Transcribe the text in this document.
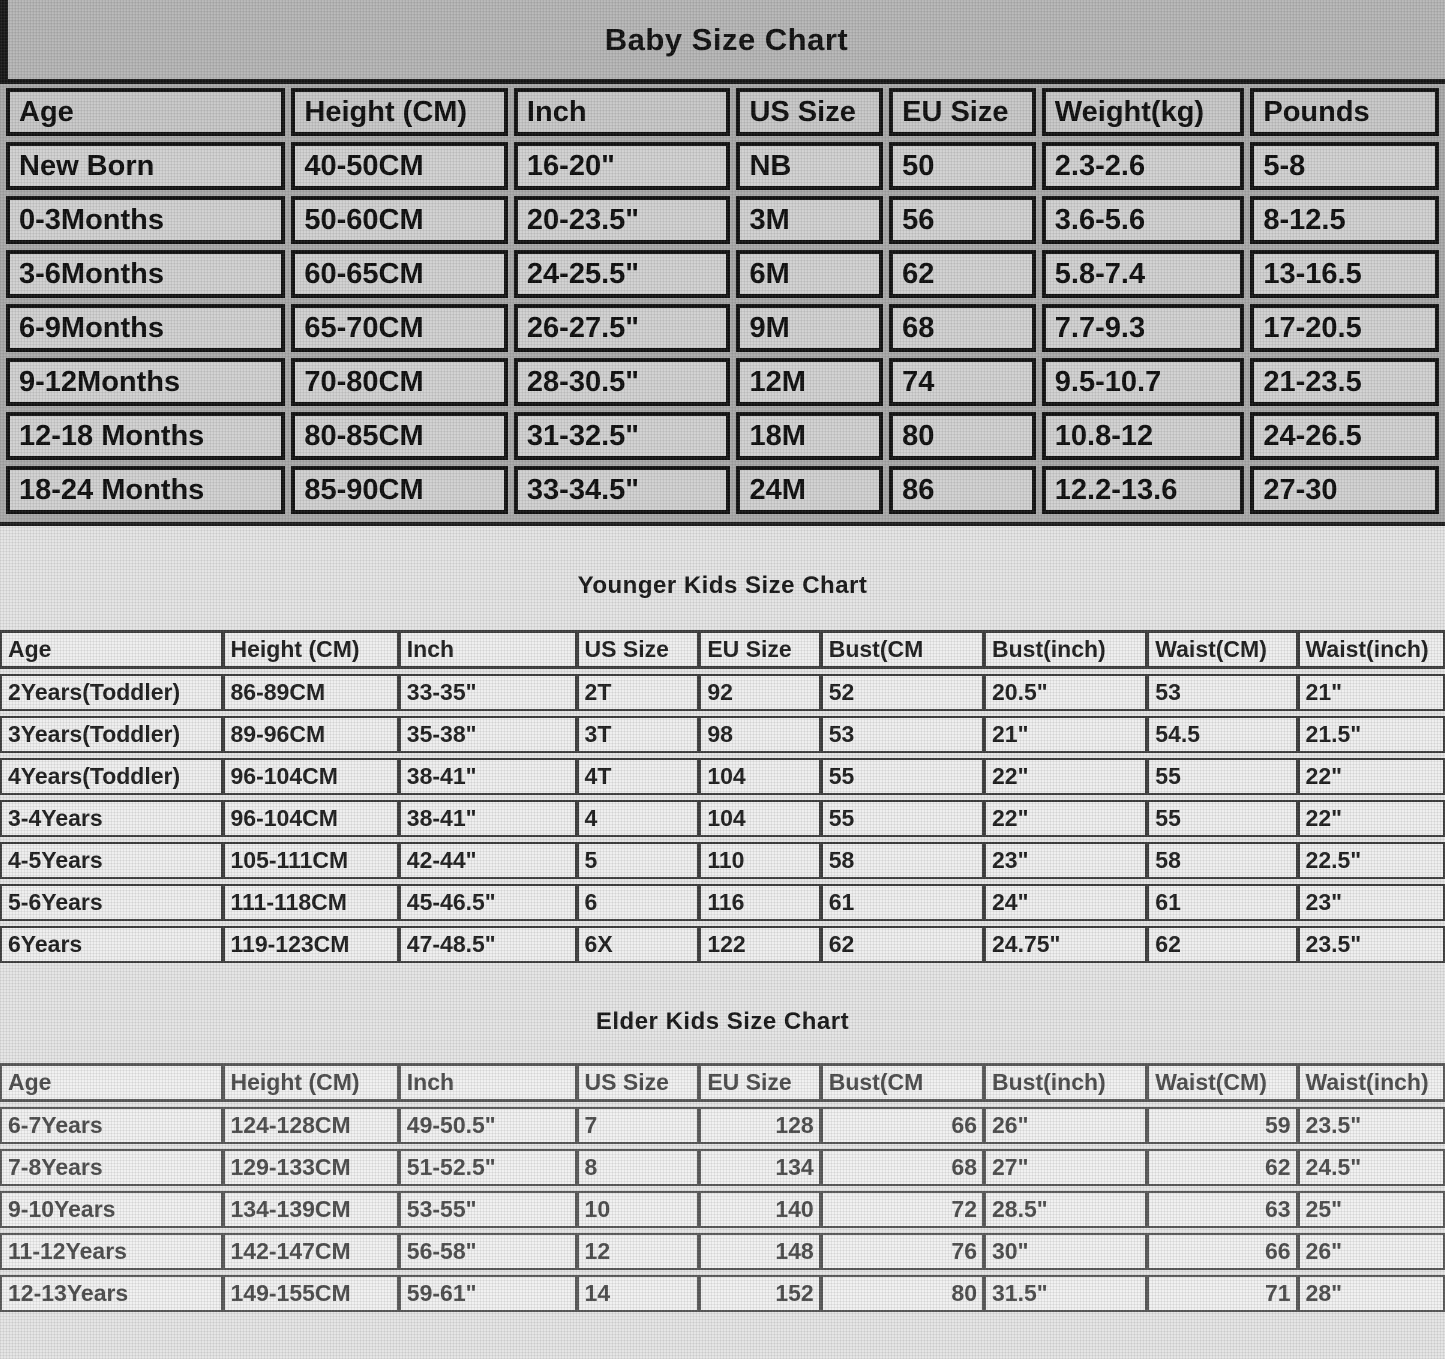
Baby Size Chart
Age	Height (CM)	Inch	US Size	EU Size	Weight(kg)	Pounds
New Born	40-50CM	16-20"	NB	50	2.3-2.6	5-8
0-3Months	50-60CM	20-23.5"	3M	56	3.6-5.6	8-12.5
3-6Months	60-65CM	24-25.5"	6M	62	5.8-7.4	13-16.5
6-9Months	65-70CM	26-27.5"	9M	68	7.7-9.3	17-20.5
9-12Months	70-80CM	28-30.5"	12M	74	9.5-10.7	21-23.5
12-18 Months	80-85CM	31-32.5"	18M	80	10.8-12	24-26.5
18-24 Months	85-90CM	33-34.5"	24M	86	12.2-13.6	27-30
Younger Kids Size Chart
Age	Height (CM)	Inch	US Size	EU Size	Bust(CM	Bust(inch)	Waist(CM)	Waist(inch)
2Years(Toddler)	86-89CM	33-35"	2T	92	52	20.5"	53	21"
3Years(Toddler)	89-96CM	35-38"	3T	98	53	21"	54.5	21.5"
4Years(Toddler)	96-104CM	38-41"	4T	104	55	22"	55	22"
3-4Years	96-104CM	38-41"	4	104	55	22"	55	22"
4-5Years	105-111CM	42-44"	5	110	58	23"	58	22.5"
5-6Years	111-118CM	45-46.5"	6	116	61	24"	61	23"
6Years	119-123CM	47-48.5"	6X	122	62	24.75"	62	23.5"
Elder Kids Size Chart
Age	Height (CM)	Inch	US Size	EU Size	Bust(CM	Bust(inch)	Waist(CM)	Waist(inch)
6-7Years	124-128CM	49-50.5"	7	128	66	26"	59	23.5"
7-8Years	129-133CM	51-52.5"	8	134	68	27"	62	24.5"
9-10Years	134-139CM	53-55"	10	140	72	28.5"	63	25"
11-12Years	142-147CM	56-58"	12	148	76	30"	66	26"
12-13Years	149-155CM	59-61"	14	152	80	31.5"	71	28"
